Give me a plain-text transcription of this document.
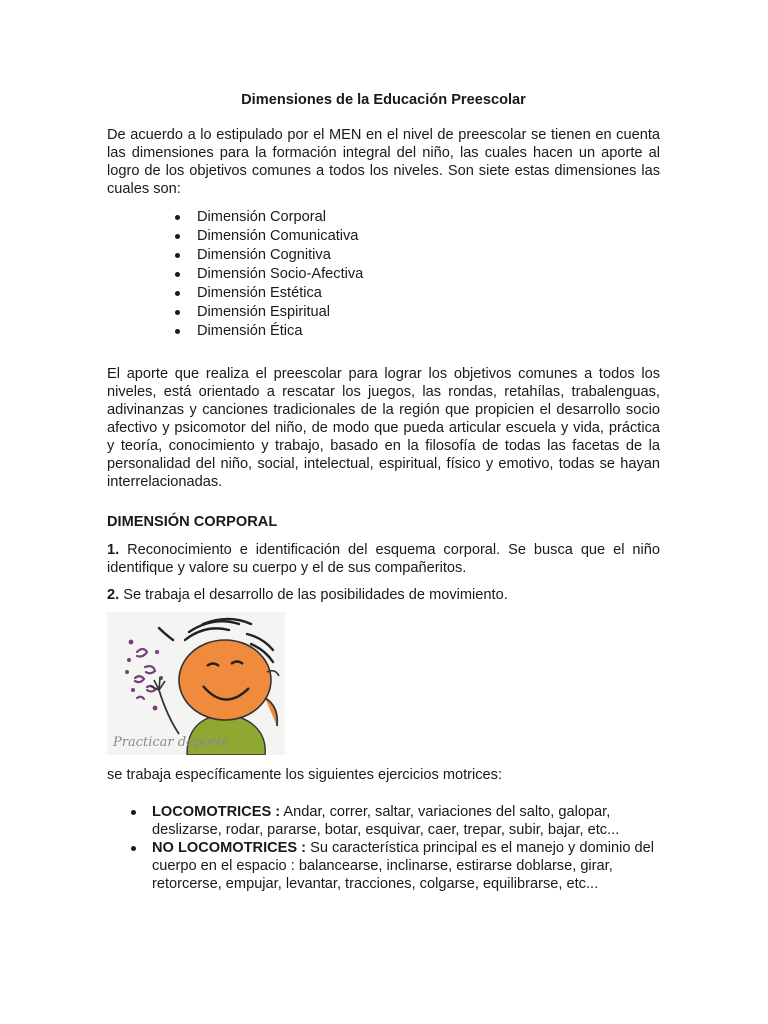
Dimensiones de la Educación Preescolar

De acuerdo a lo estipulado por el MEN en el nivel de preescolar se tienen en cuenta las dimensiones para la formación integral del niño, las cuales hacen un aporte al logro de los objetivos comunes a todos los niveles. Son siete estas dimensiones las cuales son:

Dimensión Corporal
Dimensión Comunicativa
Dimensión Cognitiva
Dimensión Socio-Afectiva
Dimensión Estética
Dimensión Espiritual
Dimensión Ética

El aporte que realiza el preescolar para lograr los objetivos comunes a todos los niveles, está orientado a rescatar los juegos, las rondas, retahílas, trabalenguas, adivinanzas y canciones tradicionales de la región que propicien el desarrollo socio afectivo y psicomotor del niño, de modo que pueda articular escuela y vida, práctica y teoría, conocimiento y trabajo, basado en la filosofía de todas las facetas de la personalidad del niño, social, intelectual, espiritual, físico y emotivo, todas se hayan interrelacionadas.

DIMENSIÓN CORPORAL

1. Reconocimiento e identificación del esquema corporal. Se busca que el niño identifique y valore su cuerpo y el de sus compañeritos.

2. Se trabaja el desarrollo de las posibilidades de movimiento.

Practicar deporte

se trabaja específicamente los siguientes ejercicios motrices:

LOCOMOTRICES : Andar, correr, saltar, variaciones del salto, galopar, deslizarse, rodar, pararse, botar, esquivar, caer, trepar, subir, bajar, etc...
NO LOCOMOTRICES : Su característica principal es el manejo y dominio del cuerpo en el espacio : balancearse, inclinarse, estirarse doblarse, girar, retorcerse, empujar, levantar, tracciones, colgarse, equilibrarse, etc...
